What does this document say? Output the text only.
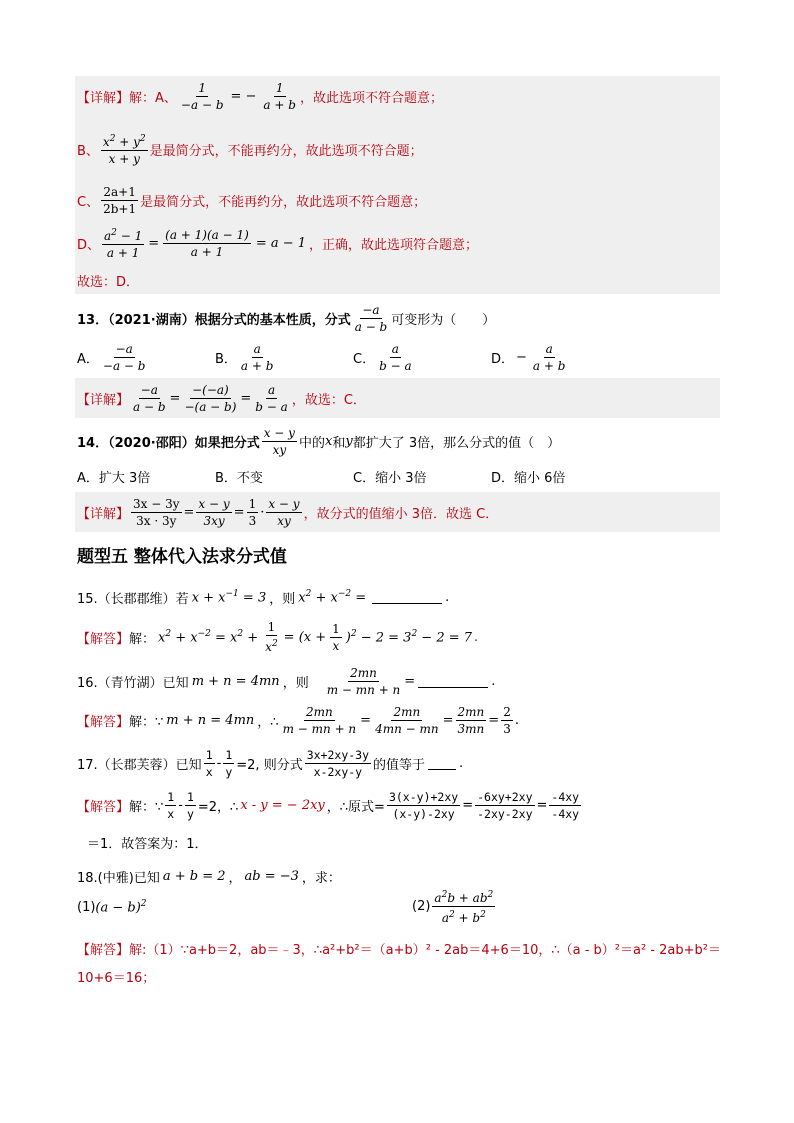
【详解】 解：A、 $\frac{1}{-a - b}$ = − $\frac{1}{a + b}$ ，故此选项不符合题意；
B、 $\frac{x^2 + y^2}{x + y}$ 是最简分式，不能再约分，故此选项不符合题；
C、 $\frac{2a+1}{2b+1}$ 是最简分式，不能再约分，故此选项不符合题意；
D、 $\frac{a^2 - 1}{a + 1} = \frac{(a + 1)(a - 1)}{a + 1} = a - 1$ ，正确，故此选项符合题意；
故选：D．
13．（2021·湖南）根据分式的基本性质，分式 $\frac{-a}{a - b}$ 可变形为（　　）
A． $\frac{-a}{-a - b}$	B． $\frac{a}{a + b}$	C． $\frac{a}{b - a}$	D． − $\frac{a}{a + b}$
【详解】 $\frac{-a}{a - b} = \frac{-(-a)}{-(a - b)} = \frac{a}{b - a}$ ，故选：C．
14．（2020·邵阳）如果把分式 $\frac{x - y}{xy}$ 中的 x 和 y 都扩大了 3倍，那么分式的值（　）
A．扩大 3倍	B．不变	C．缩小 3倍	D．缩小 6倍
【详解】 $\frac{3x - 3y}{3x \cdot 3y} = \frac{x - y}{3xy} = \frac{1}{3} \cdot \frac{x - y}{xy}$ ，故分式的值缩小 3倍．故选 C．
题型五 整体代入法求分式值
15.（长郡郡维）若 $x + x^{-1} = 3$ ，则 $x^2 + x^{-2}$ =	.
【解答】 解： $x^2 + x^{-2} = x^2 + \frac{1}{x^2} = (x + \frac{1}{x} )^2 - 2 = 3^2 - 2 = 7$ .
16.（青竹湖）已知 m + n = 4mn ，则 $\frac{2mn}{m - mn + n}$ =	.
【解答】 解：∵ m + n = 4mn ，∴ $\frac{2mn}{m - mn + n} = \frac{2mn}{4mn - mn} = \frac{2mn}{3mn} = \frac{2}{3}$ .
17.（长郡芙蓉）已知 $\frac{1}{x} - \frac{1}{y} =2$, 则分式 $\frac{3x+2xy-3y}{x-2xy-y}$ 的值等于	.
【解答】 解：∵ $\frac{1}{x} - \frac{1}{y} =2$，∴ x - y = − 2xy ，∴原式= $\frac{3(x-y)+2xy}{(x-y)-2xy} = \frac{-6xy+2xy}{-2xy-2xy} = \frac{-4xy}{-4xy}$
＝1．故答案为：1．
18.(中雅)已知 a + b = 2 ， ab = −3 ，求：
(1) $(a - b)^2$	$(2) \frac{a^2b + ab^2}{a^2 + b^2}$
【解答】 解:（1）∵a+b＝2，ab＝﹣3，∴a²+b²＝（a+b）² - 2ab＝4+6＝10，∴（a - b）²＝a² - 2ab+b²＝
10+6＝16；
